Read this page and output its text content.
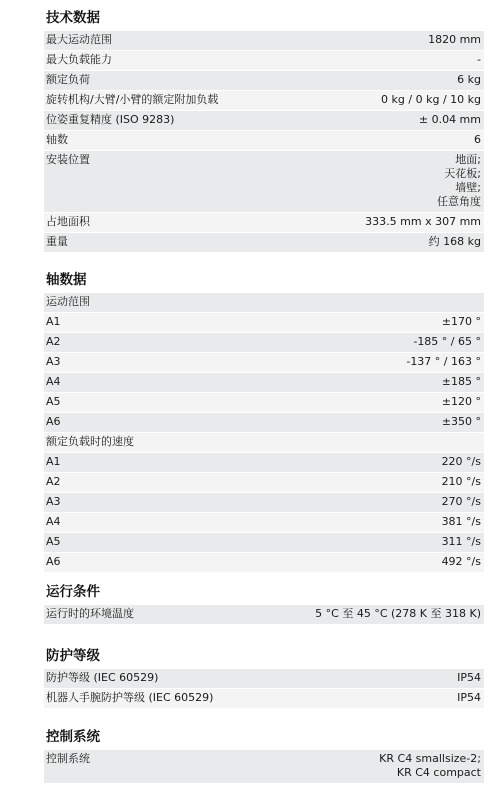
技术数据
最大运动范围	1820 mm
最大负载能力	-
额定负荷	6 kg
旋转机构/大臂/小臂的额定附加负载	0 kg / 0 kg / 10 kg
位姿重复精度 (ISO 9283)	± 0.04 mm
轴数	6
安装位置	地面;
天花板;
墙壁;
任意角度
占地面积	333.5 mm x 307 mm
重量	约 168 kg
轴数据
运动范围
A1	±170 °
A2	-185 ° / 65 °
A3	-137 ° / 163 °
A4	±185 °
A5	±120 °
A6	±350 °
额定负载时的速度
A1	220 °/s
A2	210 °/s
A3	270 °/s
A4	381 °/s
A5	311 °/s
A6	492 °/s
运行条件
运行时的环境温度	5 °C 至 45 °C (278 K 至 318 K)
防护等级
防护等级 (IEC 60529)	IP54
机器人手腕防护等级 (IEC 60529)	IP54
控制系统
控制系统	KR C4 smallsize-2;
KR C4 compact
